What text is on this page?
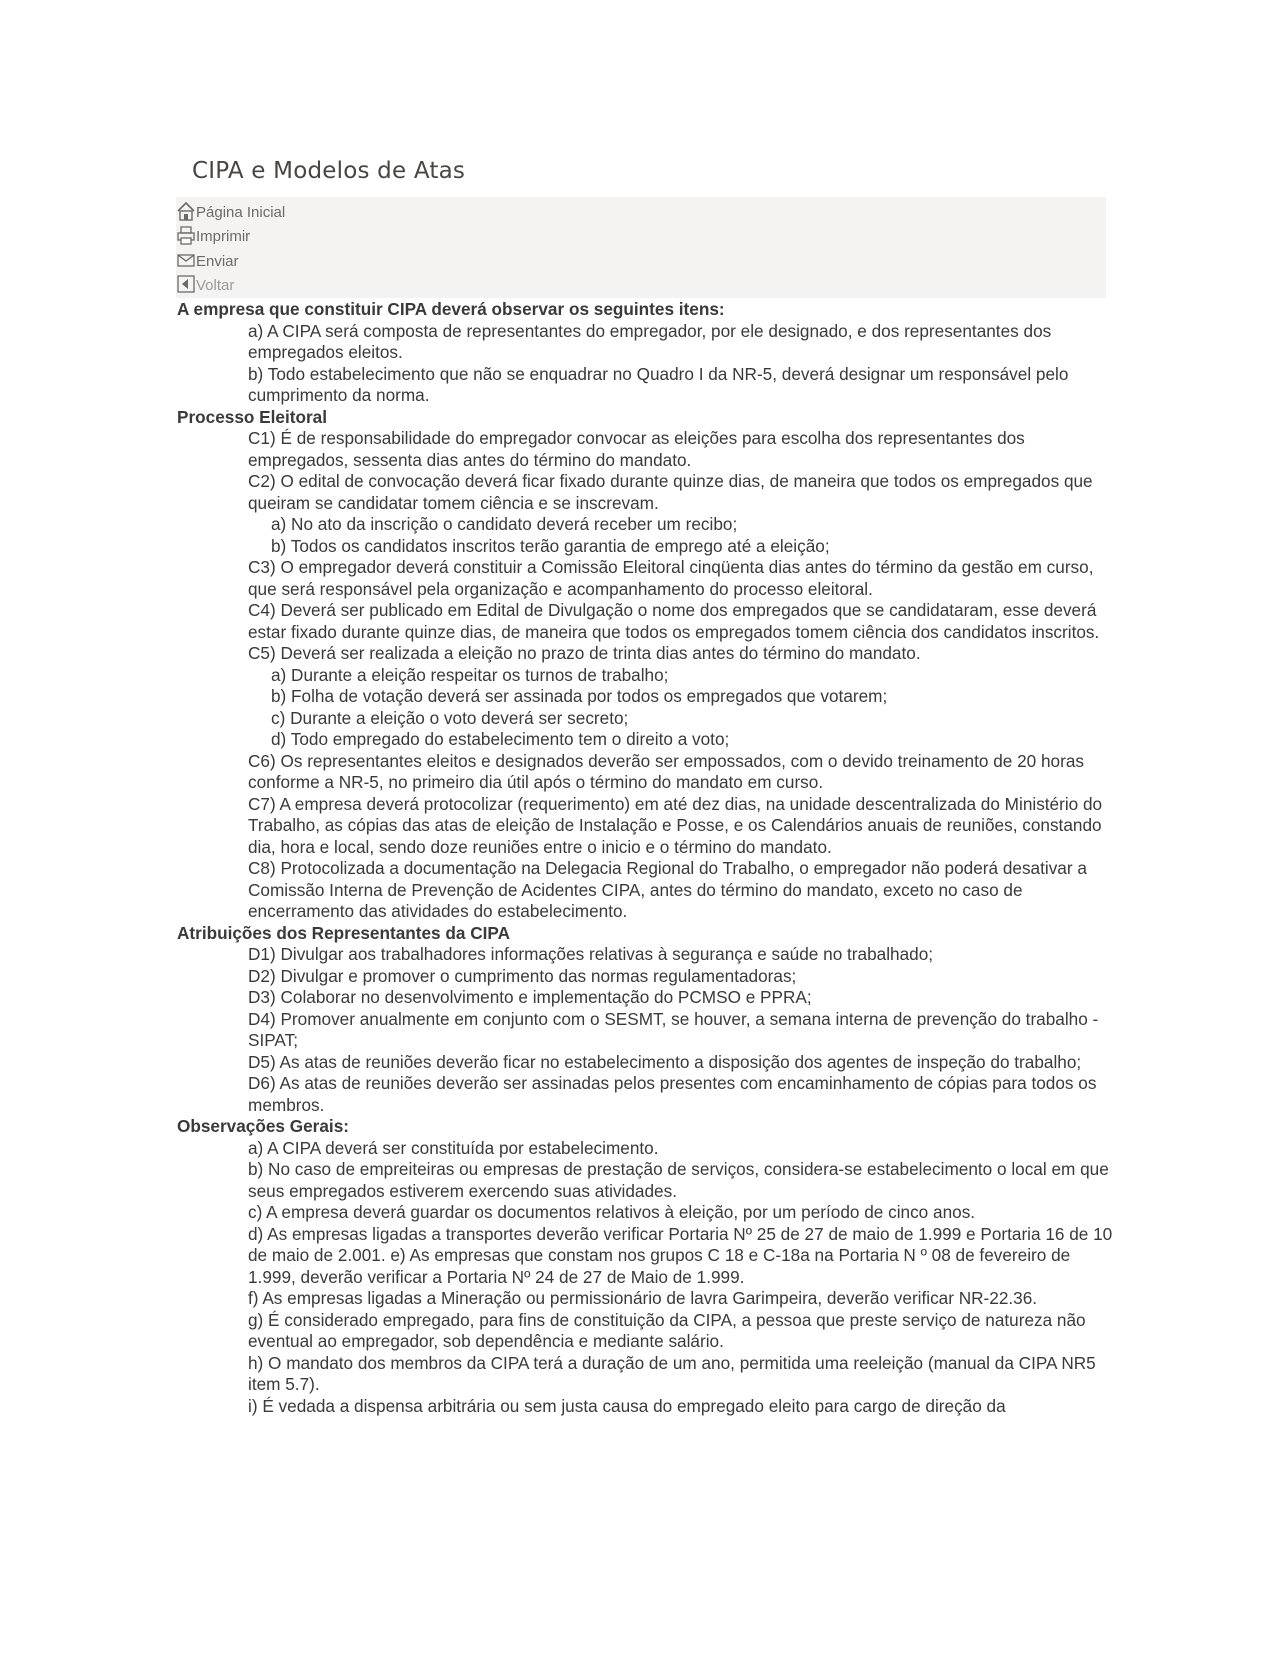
CIPA e Modelos de Atas
Página Inicial
Imprimir
Enviar
Voltar
A empresa que constituir CIPA deverá observar os seguintes itens:
a) A CIPA será composta de representantes do empregador, por ele designado, e dos representantes dos empregados eleitos.
b) Todo estabelecimento que não se enquadrar no Quadro I da NR-5, deverá designar um responsável pelo cumprimento da norma.
Processo Eleitoral
C1) É de responsabilidade do empregador convocar as eleições para escolha dos representantes dos empregados, sessenta dias antes do término do mandato.
C2) O edital de convocação deverá ficar fixado durante quinze dias, de maneira que todos os empregados que queiram se candidatar tomem ciência e se inscrevam.
a) No ato da inscrição o candidato deverá receber um recibo;
b) Todos os candidatos inscritos terão garantia de emprego até a eleição;
C3) O empregador deverá constituir a Comissão Eleitoral cinqüenta dias antes do término da gestão em curso, que será responsável pela organização e acompanhamento do processo eleitoral.
C4) Deverá ser publicado em Edital de Divulgação o nome dos empregados que se candidataram, esse deverá estar fixado durante quinze dias, de maneira que todos os empregados tomem ciência dos candidatos inscritos.
C5) Deverá ser realizada a eleição no prazo de trinta dias antes do término do mandato.
a) Durante a eleição respeitar os turnos de trabalho;
b) Folha de votação deverá ser assinada por todos os empregados que votarem;
c) Durante a eleição o voto deverá ser secreto;
d) Todo empregado do estabelecimento tem o direito a voto;
C6) Os representantes eleitos e designados deverão ser empossados, com o devido treinamento de 20 horas conforme a NR-5, no primeiro dia útil após o término do mandato em curso.
C7) A empresa deverá protocolizar (requerimento) em até dez dias, na unidade descentralizada do Ministério do Trabalho, as cópias das atas de eleição de Instalação e Posse, e os Calendários anuais de reuniões, constando dia, hora e local, sendo doze reuniões entre o inicio e o término do mandato.
C8) Protocolizada a documentação na Delegacia Regional do Trabalho, o empregador não poderá desativar a Comissão Interna de Prevenção de Acidentes CIPA, antes do término do mandato, exceto no caso de encerramento das atividades do estabelecimento.
Atribuições dos Representantes da CIPA
D1) Divulgar aos trabalhadores informações relativas à segurança e saúde no trabalhado;
D2) Divulgar e promover o cumprimento das normas regulamentadoras;
D3) Colaborar no desenvolvimento e implementação do PCMSO e PPRA;
D4) Promover anualmente em conjunto com o SESMT, se houver, a semana interna de prevenção do trabalho - SIPAT;
D5) As atas de reuniões deverão ficar no estabelecimento a disposição dos agentes de inspeção do trabalho;
D6) As atas de reuniões deverão ser assinadas pelos presentes com encaminhamento de cópias para todos os membros.
Observações Gerais:
a) A CIPA deverá ser constituída por estabelecimento.
b) No caso de empreiteiras ou empresas de prestação de serviços, considera-se estabelecimento o local em que seus empregados estiverem exercendo suas atividades.
c) A empresa deverá guardar os documentos relativos à eleição, por um período de cinco anos.
d) As empresas ligadas a transportes deverão verificar Portaria Nº 25 de 27 de maio de 1.999 e Portaria 16 de 10 de maio de 2.001. e) As empresas que constam nos grupos C 18 e C-18a na Portaria N º 08 de fevereiro de 1.999, deverão verificar a Portaria Nº 24 de 27 de Maio de 1.999.
f) As empresas ligadas a Mineração ou permissionário de lavra Garimpeira, deverão verificar NR-22.36.
g) É considerado empregado, para fins de constituição da CIPA, a pessoa que preste serviço de natureza não eventual ao empregador, sob dependência e mediante salário.
h) O mandato dos membros da CIPA terá a duração de um ano, permitida uma reeleição (manual da CIPA NR5 item 5.7).
i) É vedada a dispensa arbitrária ou sem justa causa do empregado eleito para cargo de direção da
